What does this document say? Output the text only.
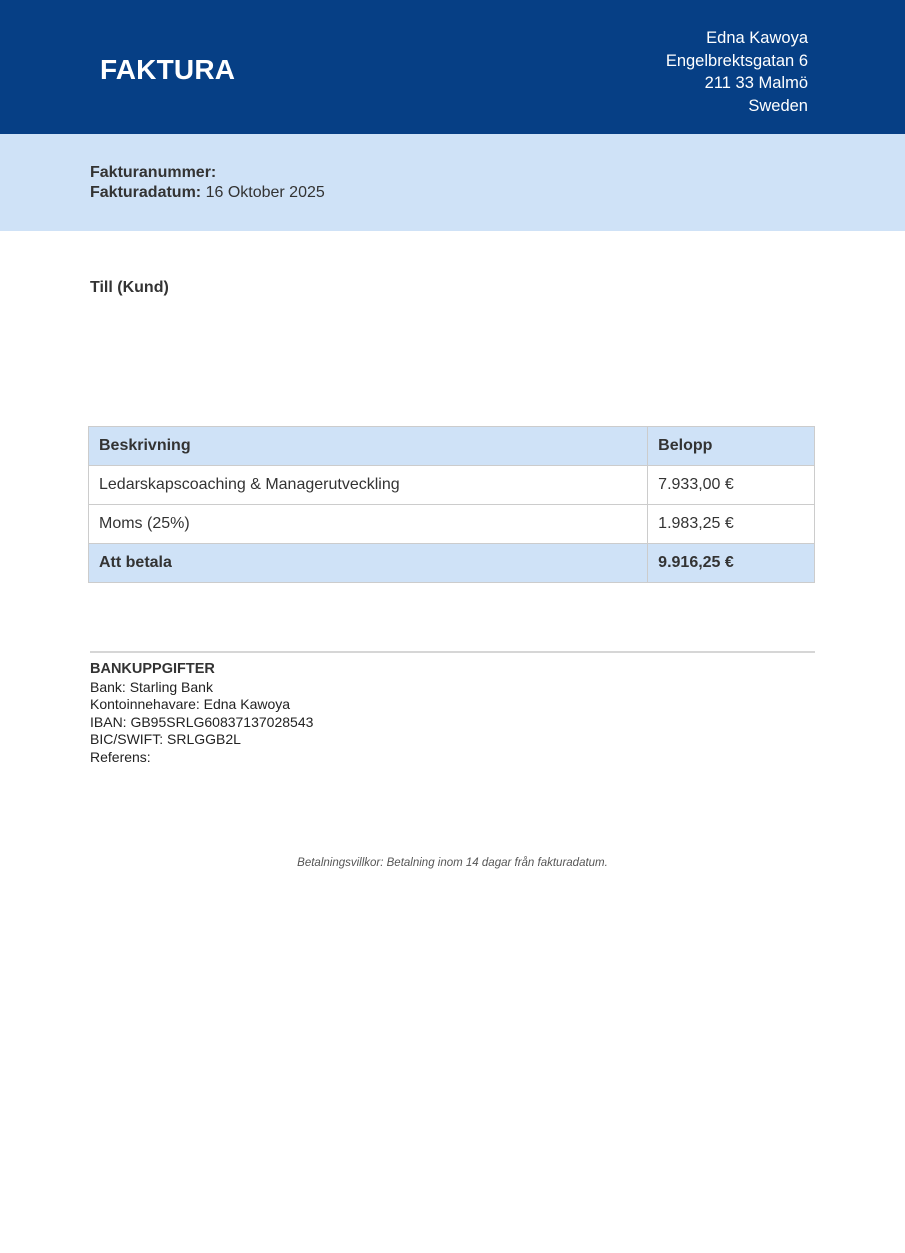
FAKTURA
Edna Kawoya
Engelbrektsgatan 6
211 33 Malmö
Sweden
Fakturanummer:
Fakturadatum: 16 Oktober 2025
Till (Kund)
Beskrivning	Belopp
Ledarskapscoaching & Managerutveckling	7.933,00 €
Moms (25%)	1.983,25 €
Att betala	9.916,25 €
BANKUPPGIFTER
Bank: Starling Bank
Kontoinnehavare: Edna Kawoya
IBAN: GB95SRLG60837137028543
BIC/SWIFT: SRLGGB2L
Referens:
Betalningsvillkor: Betalning inom 14 dagar från fakturadatum.
